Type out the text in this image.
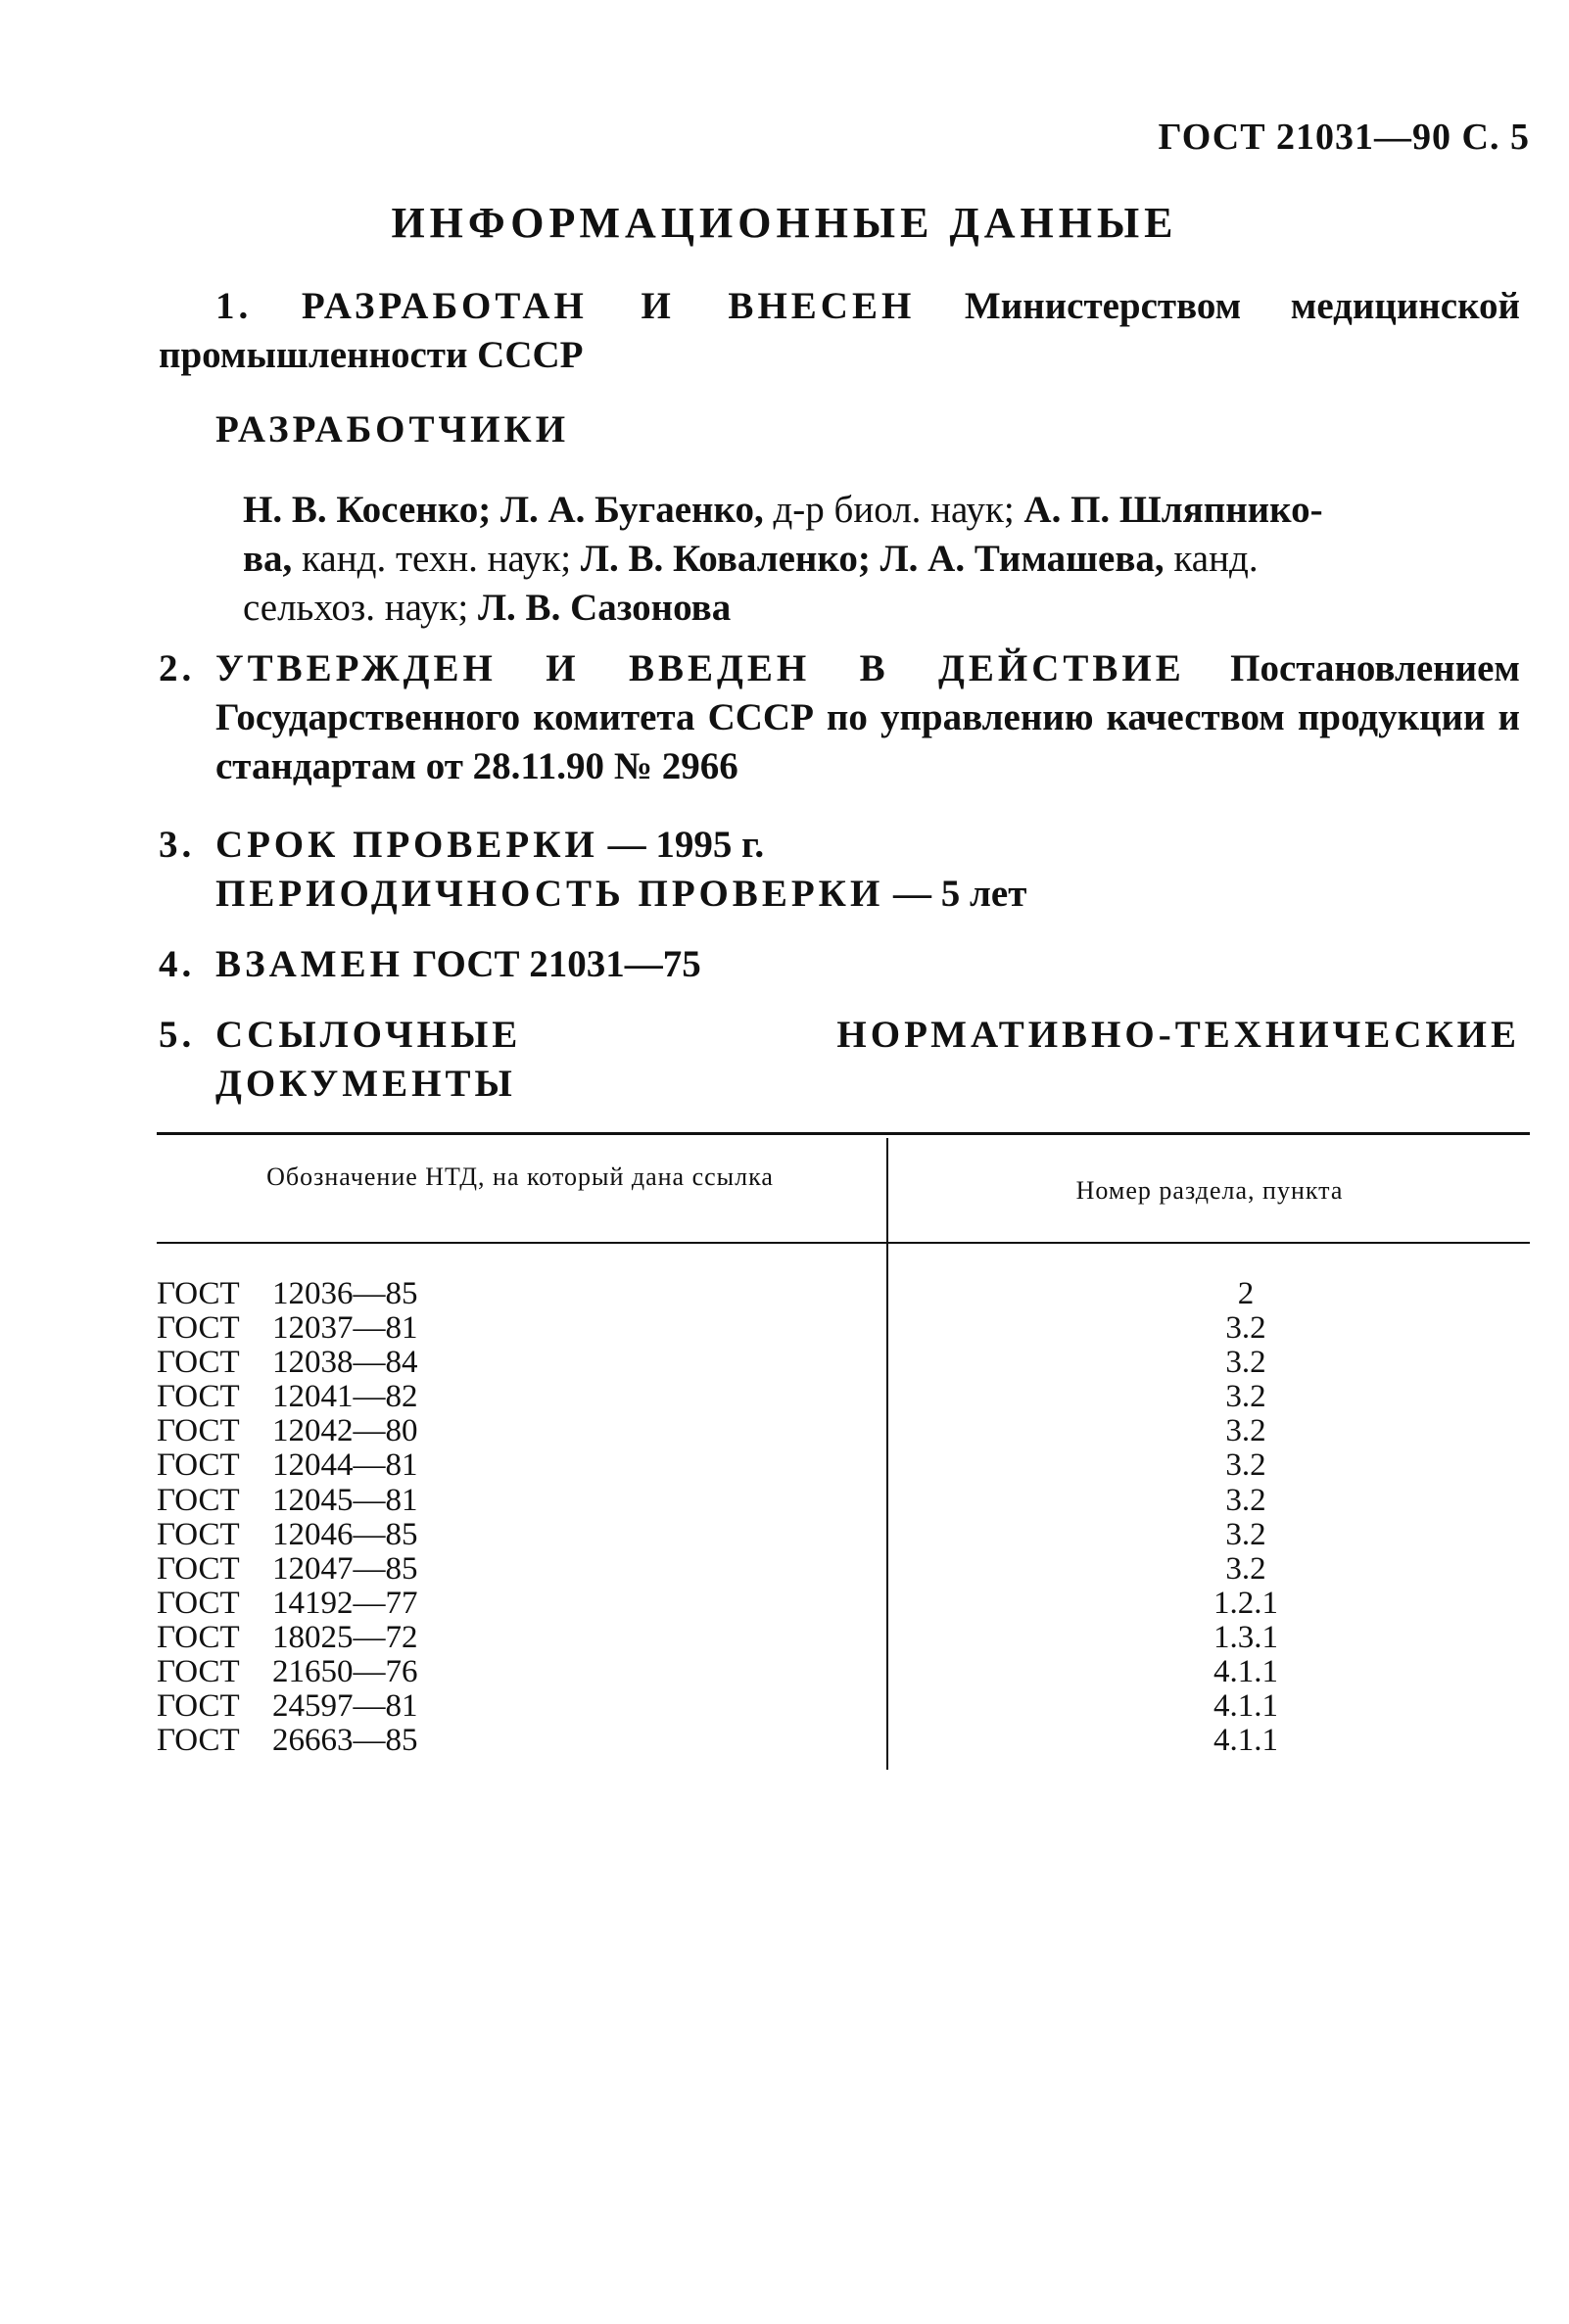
ГОСТ 21031—90 С. 5
ИНФОРМАЦИОННЫЕ ДАННЫЕ
1. РАЗРАБОТАН И ВНЕСЕН Министерством медицинской промышленности СССР
РАЗРАБОТЧИКИ
Н. В. Косенко; Л. А. Бугаенко, д-р биол. наук; А. П. Шляпнико-
ва, канд. техн. наук; Л. В. Коваленко; Л. А. Тимашева, канд.
сельхоз. наук; Л. В. Сазонова
2. УТВЕРЖДЕН И ВВЕДЕН В ДЕЙСТВИЕ Постановлением Государственного комитета СССР по управлению качеством продукции и стандартам от 28.11.90 № 2966
3. СРОК ПРОВЕРКИ — 1995 г.
ПЕРИОДИЧНОСТЬ ПРОВЕРКИ — 5 лет
4. ВЗАМЕН ГОСТ 21031—75
5. ССЫЛОЧНЫЕ НОРМАТИВНО-ТЕХНИЧЕСКИЕ ДОКУМЕНТЫ
Обозначение НТД, на который дана ссылка	Номер раздела, пункта
ГОСТ 12036—85	2
ГОСТ 12037—81	3.2
ГОСТ 12038—84	3.2
ГОСТ 12041—82	3.2
ГОСТ 12042—80	3.2
ГОСТ 12044—81	3.2
ГОСТ 12045—81	3.2
ГОСТ 12046—85	3.2
ГОСТ 12047—85	3.2
ГОСТ 14192—77	1.2.1
ГОСТ 18025—72	1.3.1
ГОСТ 21650—76	4.1.1
ГОСТ 24597—81	4.1.1
ГОСТ 26663—85	4.1.1
